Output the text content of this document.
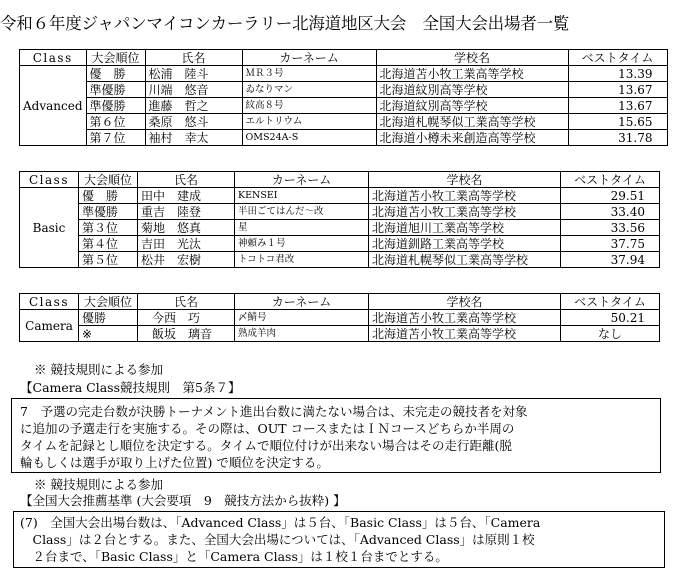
令和６年度ジャパンマイコンカーラリー北海道地区大会　全国大会出場者一覧
Class	大会順位	氏名	カーネーム	学校名	ベストタイム
Advanced	優　勝	松浦　陸斗	ＭＲ３号	北海道苫小牧工業高等学校	13.39
	準優勝	川端　悠音	ゐなりマン	北海道紋別高等学校	13.67
	準優勝	進藤　哲之	紋高８号	北海道紋別高等学校	13.67
	第６位	桑原　悠斗	エルトリウム	北海道札幌琴似工業高等学校	15.65
	第７位	袖村　幸太	OMS24A-S	北海道小樽未来創造高等学校	31.78
Class	大会順位	氏名	カーネーム	学校名	ベストタイム
Basic	優　勝	田中　建成	KENSEI	北海道苫小牧工業高等学校	29.51
	準優勝	重吉　陸登	半田ごてはんだ～改	北海道苫小牧工業高等学校	33.40
	第３位	菊地　悠真	星	北海道旭川工業高等学校	33.56
	第４位	吉田　光汰	神頼み１号	北海道釧路工業高等学校	37.75
	第５位	松井　宏樹	トコトコ君改	北海道札幌琴似工業高等学校	37.94
Class	大会順位	氏名	カーネーム	学校名	ベストタイム
Camera	優勝	今西　巧	〆鯖号	北海道苫小牧工業高等学校	50.21
	※	飯坂　璃音	熟成羊肉	北海道苫小牧工業高等学校	なし
※ 競技規則による参加
【Camera Class競技規則　第5条７】
7　予選の完走台数が決勝トーナメント進出台数に満たない場合は、未完走の競技者を対象
に追加の予選走行を実施する。その際は、OUT コースまたはＩＮコースどちらか半周の
タイムを記録とし順位を決定する。タイムで順位付けが出来ない場合はその走行距離(脱
輪もしくは選手が取り上げた位置) で順位を決定する。
※ 競技規則による参加
【全国大会推薦基準 (大会要項　9　競技方法から抜粋) 】
(7)　全国大会出場台数は、「Advanced Class」は５台、「Basic Class」は５台、「Camera
　Class」は２台とする。また、全国大会出場については、「Advanced Class」は原則１校
　２台まで、「Basic Class」と「Camera Class」は１校１台までとする。
